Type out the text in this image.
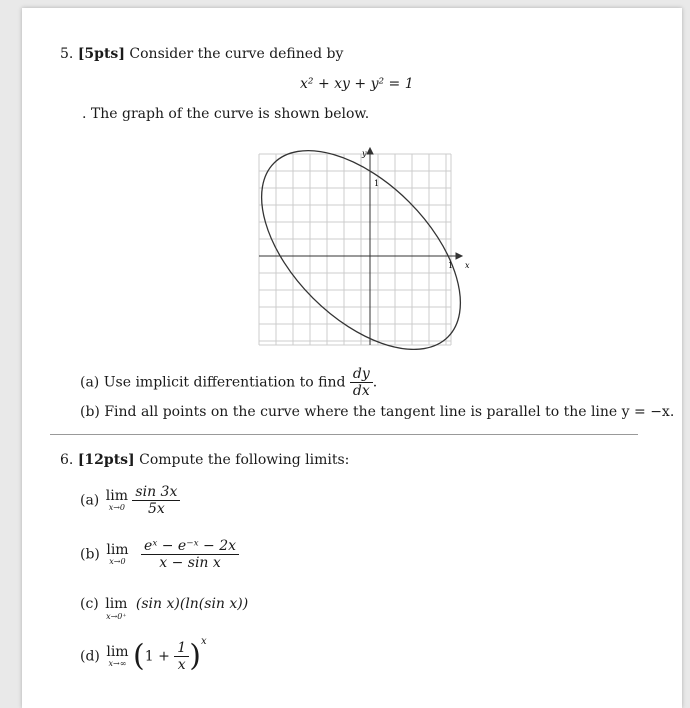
5. [5pts] Consider the curve defined by
x² + xy + y² = 1
. The graph of the curve is shown below.
1
1
y
x
(a) Use implicit differentiation to find $\frac{dy}{dx}$ .
(b) Find all points on the curve where the tangent line is parallel to the line y = −x.
6. [12pts] Compute the following limits:
(a) lim
x→0
$\frac{\sin 3x}{5x}$
(b) lim
x→0
$\frac{\text{eˣ − e⁻ˣ − 2x}}{\text{x − sin x}}$
(c) lim
x→0⁺
(sin x)(ln(sin x))
(d) lim
x→∞ $(1 + \frac{1}{x} )^x$
